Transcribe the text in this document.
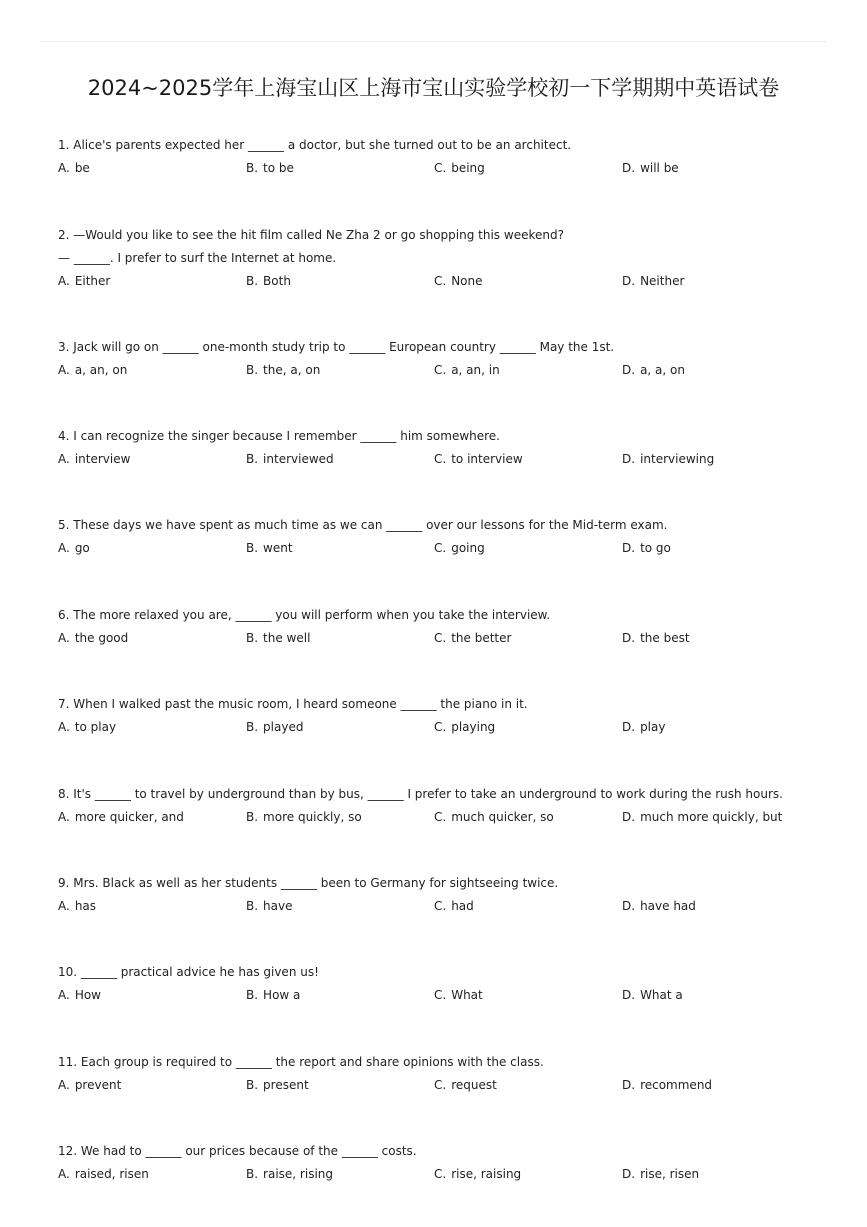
2024~2025学年上海宝山区上海市宝山实验学校初一下学期期中英语试卷
1. Alice's parents expected her ______ a doctor, but she turned out to be an architect.
A. be	B. to be	C. being	D. will be
2. —Would you like to see the hit film called Ne Zha 2 or go shopping this weekend?
— ______. I prefer to surf the Internet at home.
A. Either	B. Both	C. None	D. Neither
3. Jack will go on ______ one-month study trip to ______ European country ______ May the 1st.
A. a, an, on	B. the, a, on	C. a, an, in	D. a, a, on
4. I can recognize the singer because I remember ______ him somewhere.
A. interview	B. interviewed	C. to interview	D. interviewing
5. These days we have spent as much time as we can ______ over our lessons for the Mid-term exam.
A. go	B. went	C. going	D. to go
6. The more relaxed you are, ______ you will perform when you take the interview.
A. the good	B. the well	C. the better	D. the best
7. When I walked past the music room, I heard someone ______ the piano in it.
A. to play	B. played	C. playing	D. play
8. It's ______ to travel by underground than by bus, ______ I prefer to take an underground to work during the rush hours.
A. more quicker, and	B. more quickly, so	C. much quicker, so	D. much more quickly, but
9. Mrs. Black as well as her students ______ been to Germany for sightseeing twice.
A. has	B. have	C. had	D. have had
10. ______ practical advice he has given us!
A. How	B. How a	C. What	D. What a
11. Each group is required to ______ the report and share opinions with the class.
A. prevent	B. present	C. request	D. recommend
12. We had to ______ our prices because of the ______ costs.
A. raised, risen	B. raise, rising	C. rise, raising	D. rise, risen
